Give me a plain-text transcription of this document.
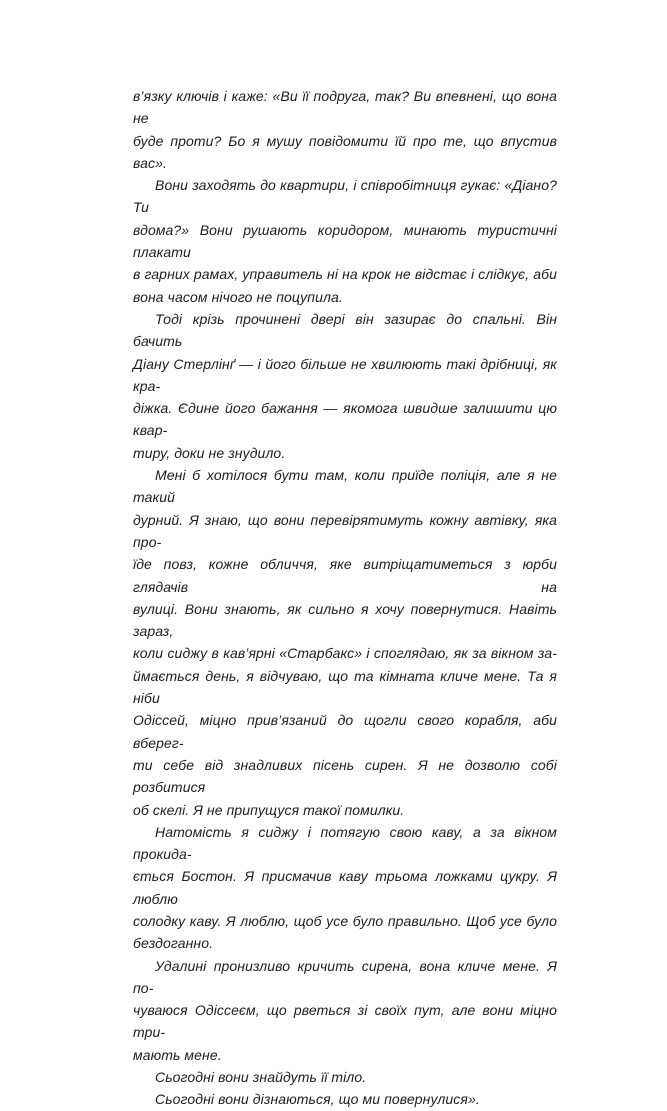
в’язку ключів і каже: «Ви її подруга, так? Ви впевнені, що вона не
буде проти? Бо я мушу повідомити їй про те, що впустив вас».

Вони заходять до квартири, і співробітниця гукає: «Діано? Ти
вдома?» Вони рушають коридором, минають туристичні плакати
в гарних рамах, управитель ні на крок не відстає і слідкує, аби
вона часом нічого не поцупила.

Тоді крізь прочинені двері він зазирає до спальні. Він бачить
Діану Стерлінґ — і його більше не хвилюють такі дрібниці, як кра-
діжка. Єдине його бажання — якомога швидше залишити цю квар-
тиру, доки не знудило.

Мені б хотілося бути там, коли приїде поліція, але я не такий
дурний. Я знаю, що вони перевірятимуть кожну автівку, яка про-
їде повз, кожне обличчя, яке витріщатиметься з юрби глядачів на
вулиці. Вони знають, як сильно я хочу повернутися. Навіть зараз,
коли сиджу в кав’ярні «Старбакс» і споглядаю, як за вікном за-
ймається день, я відчуваю, що та кімната кличе мене. Та я ніби
Одіссей, міцно прив’язаний до щогли свого корабля, аби вберег-
ти себе від знадливих пісень сирен. Я не дозволю собі розбитися
об скелі. Я не припущуся такої помилки.

Натомість я сиджу і потягую свою каву, а за вікном прокида-
ється Бостон. Я присмачив каву трьома ложками цукру. Я люблю
солодку каву. Я люблю, щоб усе було правильно. Щоб усе було
бездоганно.

Удалині пронизливо кричить сирена, вона кличе мене. Я по-
чуваюся Одіссеєм, що рветься зі своїх пут, але вони міцно три-
мають мене.

Сьогодні вони знайдуть її тіло.

Сьогодні вони дізнаються, що ми повернулися».
